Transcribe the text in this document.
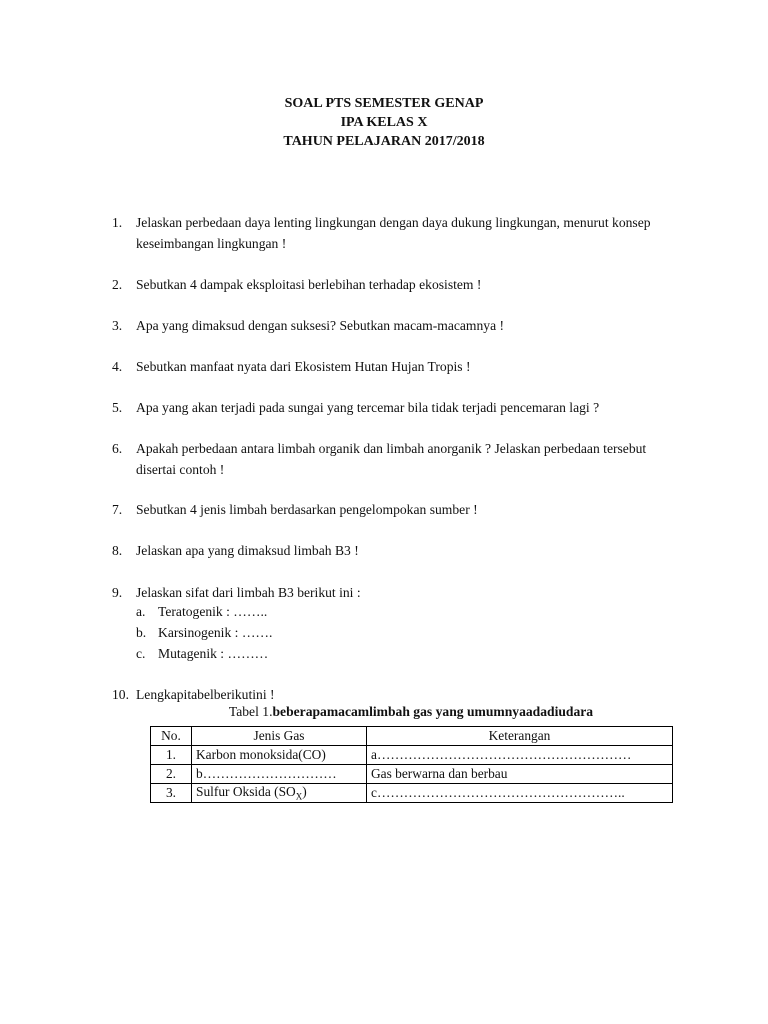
SOAL PTS SEMESTER GENAP
IPA KELAS X
TAHUN PELAJARAN 2017/2018
1. Jelaskan perbedaan daya lenting lingkungan dengan daya dukung lingkungan, menurut konsep keseimbangan lingkungan !
2. Sebutkan 4 dampak eksploitasi berlebihan terhadap ekosistem !
3. Apa yang dimaksud dengan suksesi? Sebutkan macam-macamnya !
4. Sebutkan manfaat nyata dari Ekosistem Hutan Hujan Tropis !
5. Apa yang akan terjadi pada sungai yang tercemar bila tidak terjadi pencemaran lagi ?
6. Apakah perbedaan antara limbah organik dan limbah anorganik ? Jelaskan perbedaan tersebut disertai contoh !
7. Sebutkan 4 jenis limbah berdasarkan pengelompokan sumber !
8. Jelaskan apa yang dimaksud limbah B3 !
9. Jelaskan sifat dari limbah B3 berikut ini :
a. Teratogenik : ……..
b. Karsinogenik : …….
c. Mutagenik : ………
10. Lengkapitabelberikutini !
Tabel 1.beberapamacamlimbah gas yang umumnyaadadiudara
No.	Jenis Gas	Keterangan
1.	Karbon monoksida(CO)	a…………………………………………………
2.	b…………………………	Gas berwarna dan berbau
3.	Sulfur Oksida $(SO_X)$	c………………………………………………..
